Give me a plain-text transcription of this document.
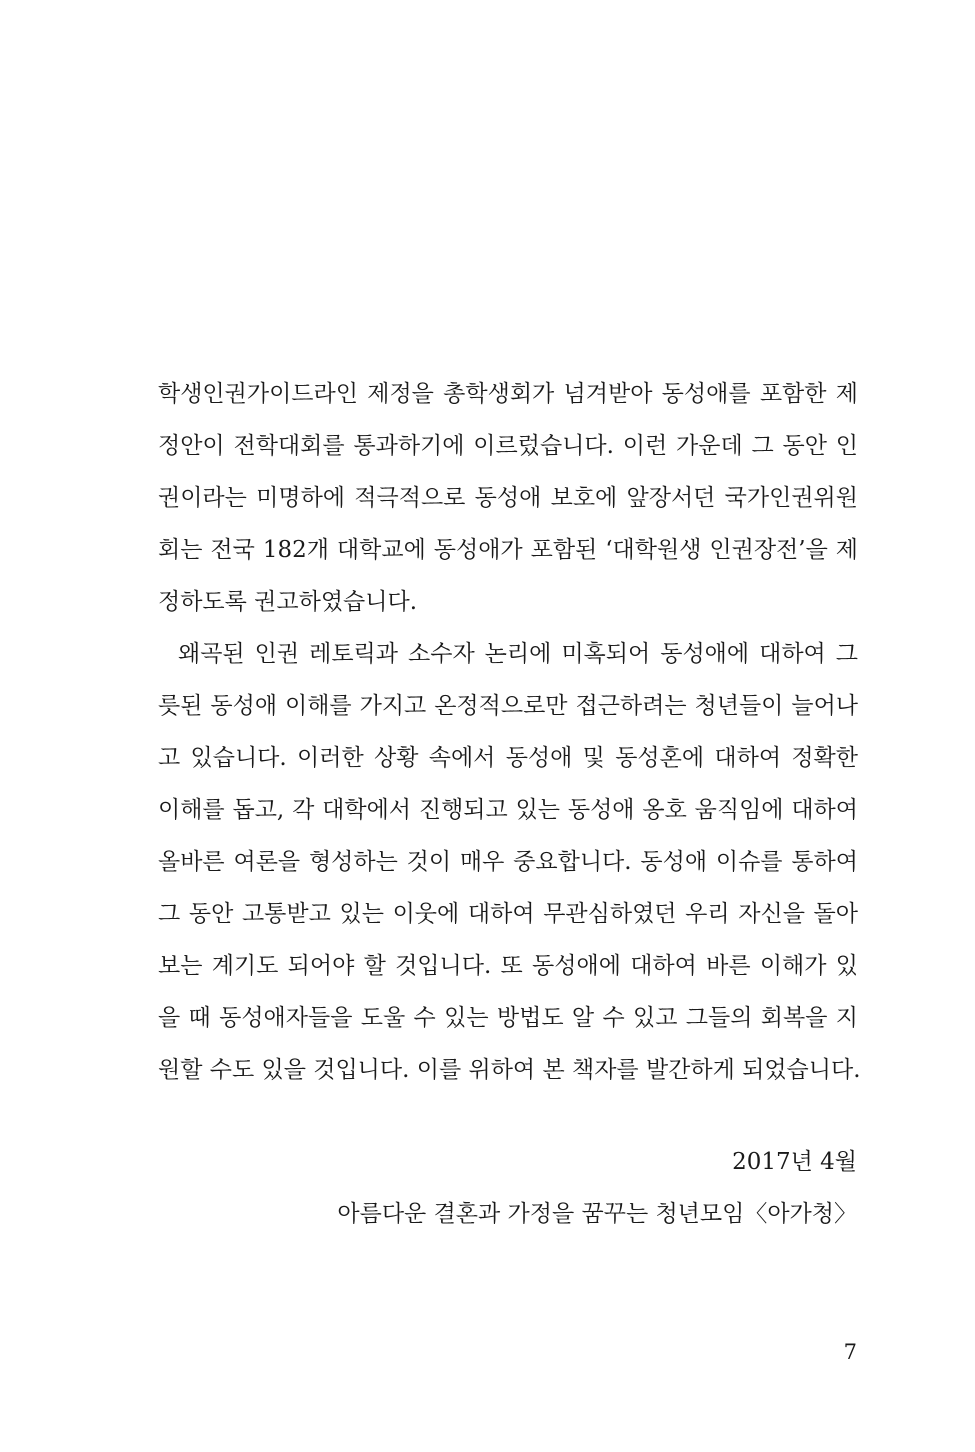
학생인권가이드라인 제정을 총학생회가 넘겨받아 동성애를 포함한 제
정안이 전학대회를 통과하기에 이르렀습니다. 이런 가운데 그 동안 인
권이라는 미명하에 적극적으로 동성애 보호에 앞장서던 국가인권위원
회는 전국 182개 대학교에 동성애가 포함된 ‘대학원생 인권장전’을 제
정하도록 권고하였습니다.
왜곡된 인권 레토릭과 소수자 논리에 미혹되어 동성애에 대하여 그
릇된 동성애 이해를 가지고 온정적으로만 접근하려는 청년들이 늘어나
고 있습니다. 이러한 상황 속에서 동성애 및 동성혼에 대하여 정확한
이해를 돕고, 각 대학에서 진행되고 있는 동성애 옹호 움직임에 대하여
올바른 여론을 형성하는 것이 매우 중요합니다. 동성애 이슈를 통하여
그 동안 고통받고 있는 이웃에 대하여 무관심하였던 우리 자신을 돌아
보는 계기도 되어야 할 것입니다. 또 동성애에 대하여 바른 이해가 있
을 때 동성애자들을 도울 수 있는 방법도 알 수 있고 그들의 회복을 지
원할 수도 있을 것입니다. 이를 위하여 본 책자를 발간하게 되었습니다.
2017년 4월
아름다운 결혼과 가정을 꿈꾸는 청년모임〈아가청〉
7
